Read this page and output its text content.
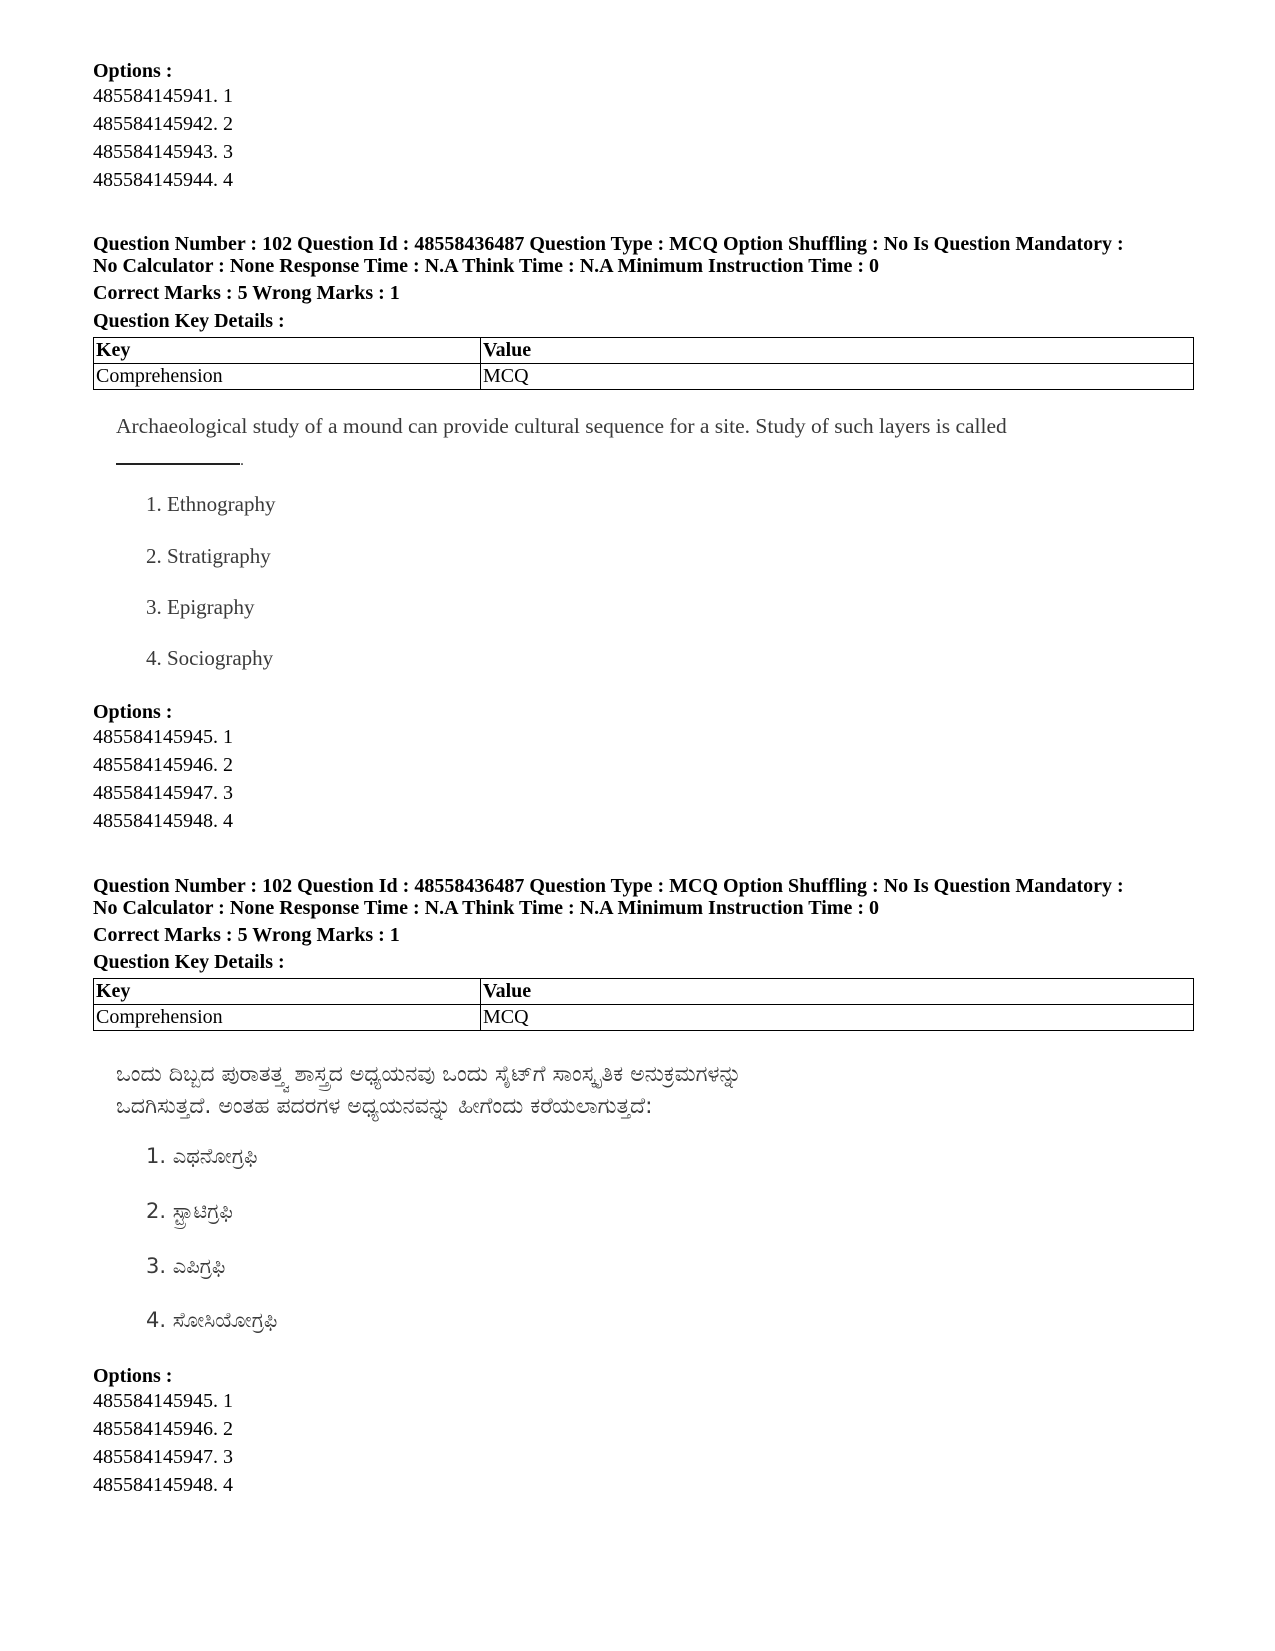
Options :
485584145941. 1
485584145942. 2
485584145943. 3
485584145944. 4
Question Number : 102 Question Id : 48558436487 Question Type : MCQ Option Shuffling : No Is Question Mandatory :
No Calculator : None Response Time : N.A Think Time : N.A Minimum Instruction Time : 0
Correct Marks : 5 Wrong Marks : 1
Question Key Details :
Key	Value
Comprehension	MCQ
Archaeological study of a mound can provide cultural sequence for a site. Study of such layers is called
.
1. Ethnography
2. Stratigraphy
3. Epigraphy
4. Sociography
Options :
485584145945. 1
485584145946. 2
485584145947. 3
485584145948. 4
Question Number : 102 Question Id : 48558436487 Question Type : MCQ Option Shuffling : No Is Question Mandatory :
No Calculator : None Response Time : N.A Think Time : N.A Minimum Instruction Time : 0
Correct Marks : 5 Wrong Marks : 1
Question Key Details :
Key	Value
Comprehension	MCQ
ಒಂದು ದಿಬ್ಬದ ಪುರಾತತ್ತ್ವ ಶಾಸ್ತ್ರದ ಅಧ್ಯಯನವು ಒಂದು ಸೈಟ್‌ಗೆ ಸಾಂಸ್ಕೃತಿಕ ಅನುಕ್ರಮಗಳನ್ನು
ಒದಗಿಸುತ್ತದೆ. ಅಂತಹ ಪದರಗಳ ಅಧ್ಯಯನವನ್ನು ಹೀಗೆಂದು ಕರೆಯಲಾಗುತ್ತದೆ:
1. ಎಥನೋಗ್ರಫಿ
2. ಸ್ಟ್ರಾಟಿಗ್ರಫಿ
3. ಎಪಿಗ್ರಫಿ
4. ಸೋಸಿಯೋಗ್ರಫಿ
Options :
485584145945. 1
485584145946. 2
485584145947. 3
485584145948. 4
